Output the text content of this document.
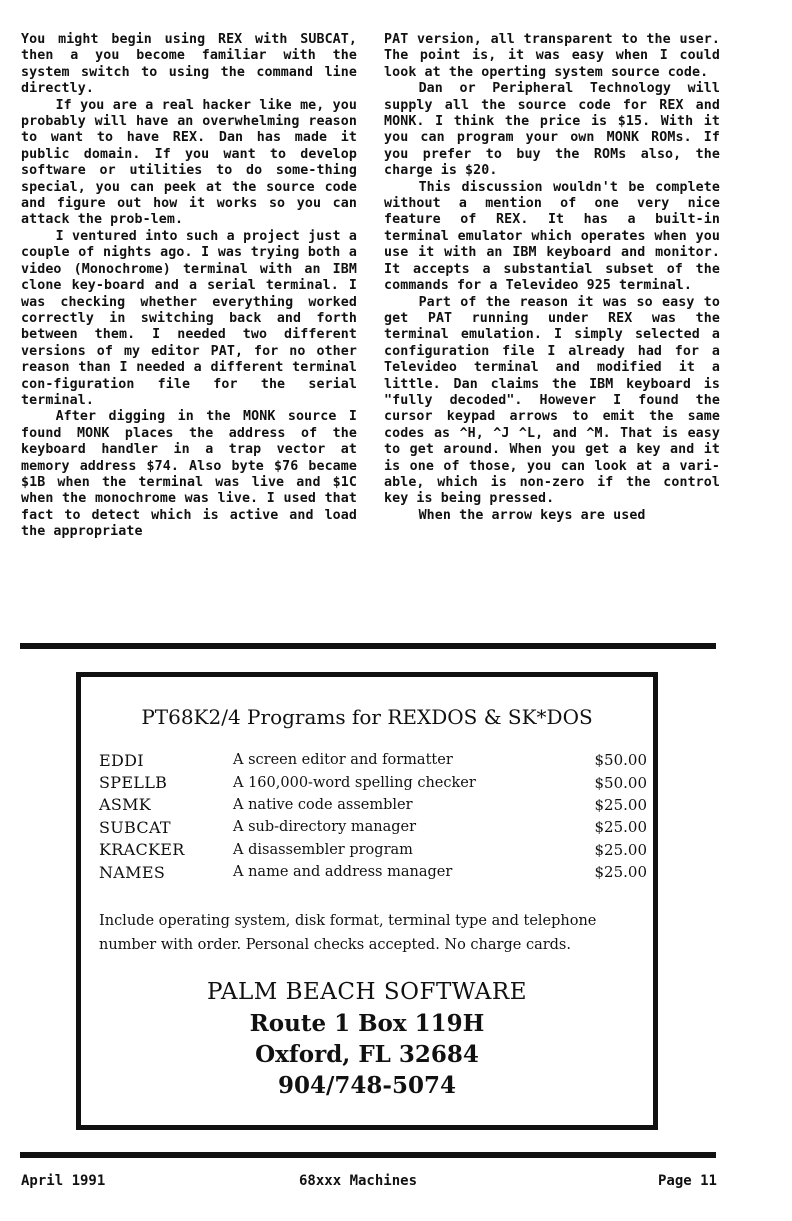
You might begin using REX with SUBCAT, then a you become familiar with the system switch to using the command line directly.

If you are a real hacker like me, you probably will have an overwhelming reason to want to have REX. Dan has made it public domain. If you want to develop software or utilities to do some-thing special, you can peek at the source code and figure out how it works so you can attack the prob-lem.

I ventured into such a project just a couple of nights ago. I was trying both a video (Monochrome) terminal with an IBM clone key-board and a serial terminal. I was checking whether everything worked correctly in switching back and forth between them. I needed two different versions of my editor PAT, for no other reason than I needed a different terminal con-figuration file for the serial terminal.

After digging in the MONK source I found MONK places the address of the keyboard handler in a trap vector at memory address $74. Also byte $76 became $1B when the terminal was live and $1C when the monochrome was live. I used that fact to detect which is active and load the appropriate

PAT version, all transparent to the user. The point is, it was easy when I could look at the operting system source code.

Dan or Peripheral Technology will supply all the source code for REX and MONK. I think the price is $15. With it you can program your own MONK ROMs. If you prefer to buy the ROMs also, the charge is $20.

This discussion wouldn't be complete without a mention of one very nice feature of REX. It has a built-in terminal emulator which operates when you use it with an IBM keyboard and monitor. It accepts a substantial subset of the commands for a Televideo 925 terminal.

Part of the reason it was so easy to get PAT running under REX was the terminal emulation. I simply selected a configuration file I already had for a Televideo terminal and modified it a little. Dan claims the IBM keyboard is "fully decoded". However I found the cursor keypad arrows to emit the same codes as ^H, ^J ^L, and ^M. That is easy to get around. When you get a key and it is one of those, you can look at a vari-able, which is non-zero if the control key is being pressed.

When the arrow keys are used

PT68K2/4 Programs for REXDOS & SK*DOS
EDDI	A screen editor and formatter	$50.00
SPELLB	A 160,000-word spelling checker	$50.00
ASMK	A native code assembler	$25.00
SUBCAT	A sub-directory manager	$25.00
KRACKER	A disassembler program	$25.00
NAMES	A name and address manager	$25.00
Include operating system, disk format, terminal type and telephone number with order. Personal checks accepted. No charge cards.
PALM BEACH SOFTWARE
Route 1 Box 119H
Oxford, FL 32684
904/748-5074
April 1991	68xxx Machines	Page 11
